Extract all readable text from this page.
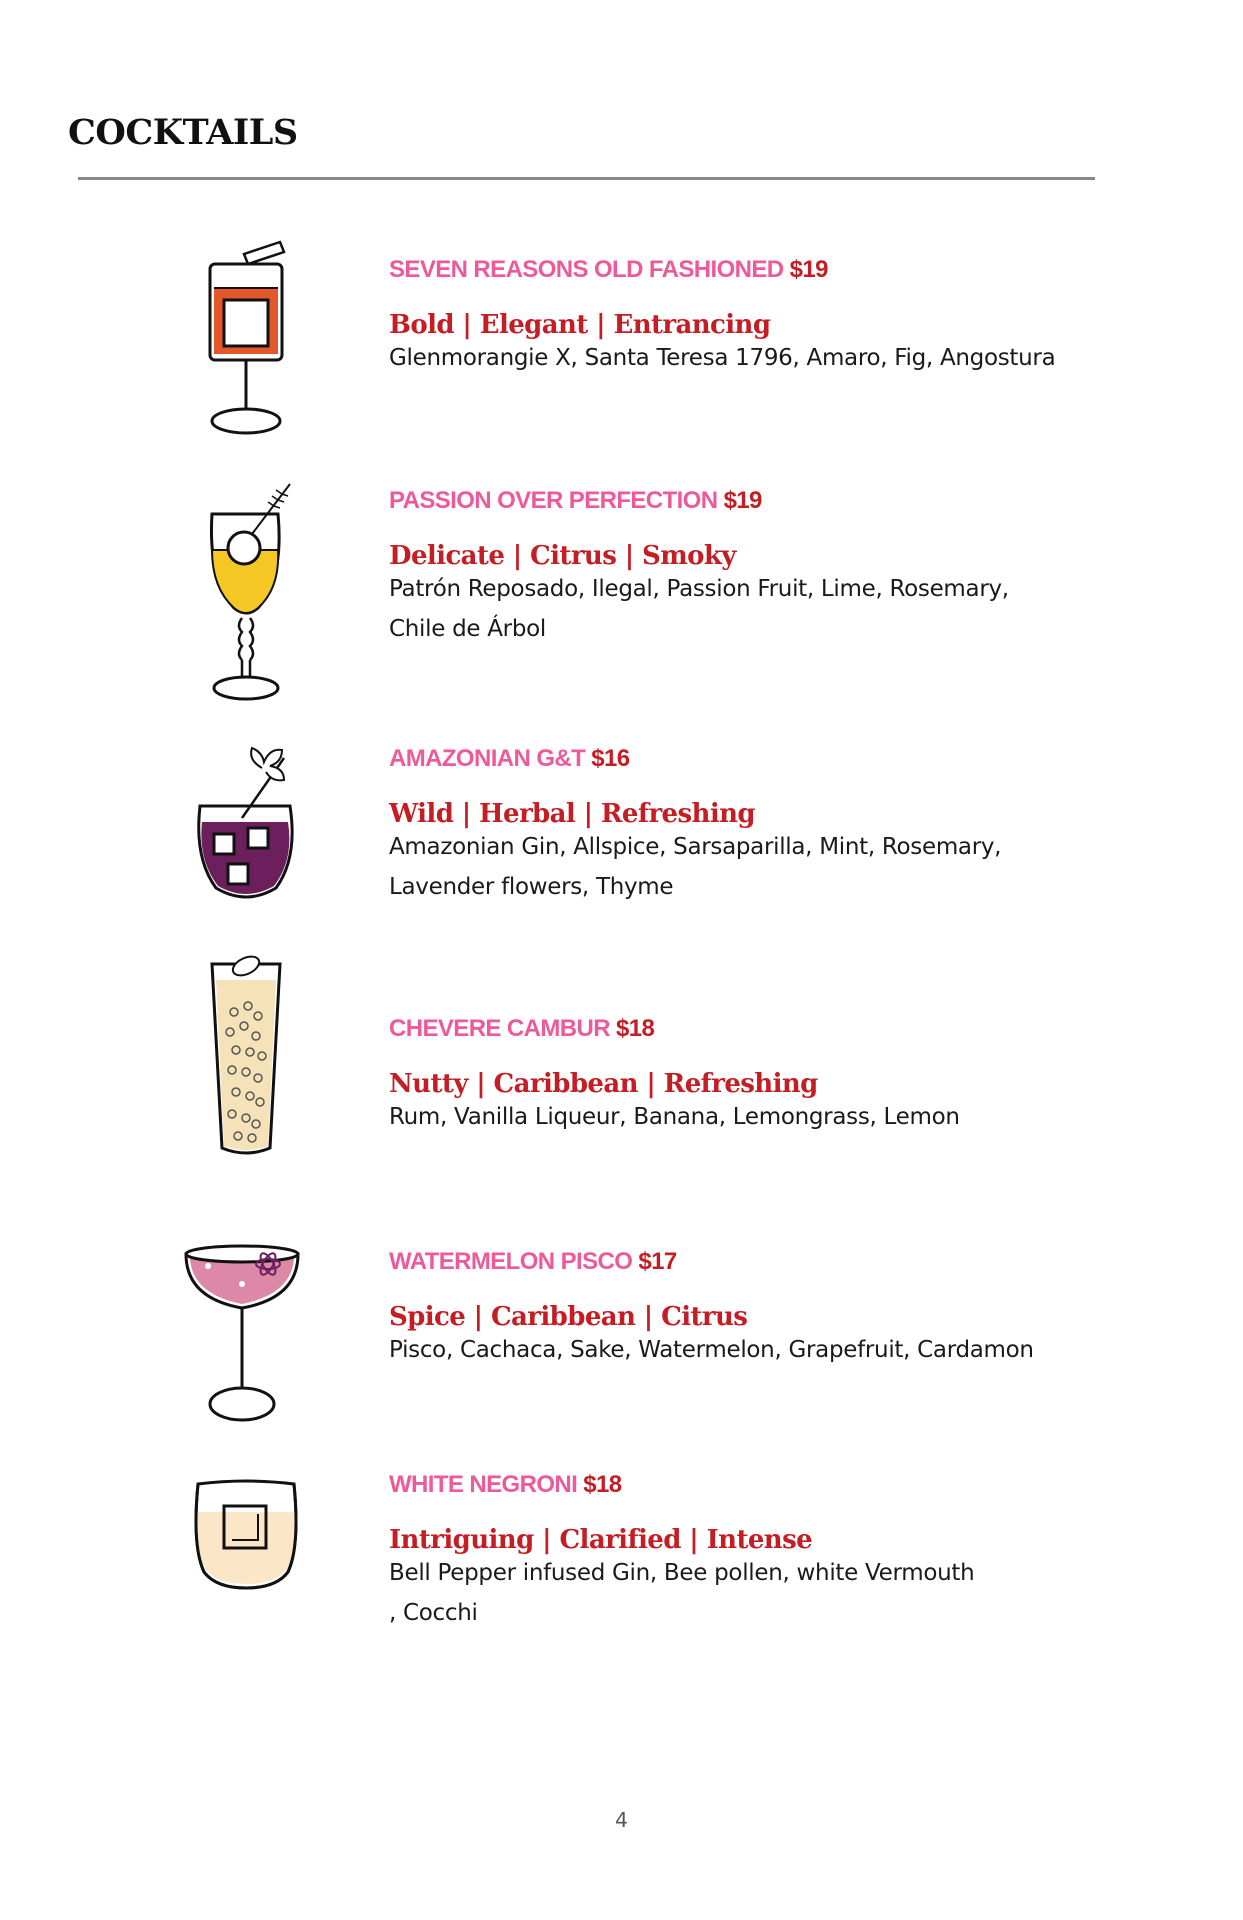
COCKTAILS
SEVEN REASONS OLD FASHIONED $19
Bold | Elegant | Entrancing
Glenmorangie X, Santa Teresa 1796, Amaro, Fig, Angostura
PASSION OVER PERFECTION $19
Delicate | Citrus | Smoky
Patrón Reposado, Ilegal, Passion Fruit, Lime, Rosemary,
Chile de Árbol
AMAZONIAN G&T $16
Wild | Herbal | Refreshing
Amazonian Gin, Allspice, Sarsaparilla, Mint, Rosemary,
Lavender flowers, Thyme
CHEVERE CAMBUR $18
Nutty | Caribbean | Refreshing
Rum, Vanilla Liqueur, Banana, Lemongrass, Lemon
WATERMELON PISCO $17
Spice | Caribbean | Citrus
Pisco, Cachaca, Sake, Watermelon, Grapefruit, Cardamon
WHITE NEGRONI $18
Intriguing | Clarified | Intense
Bell Pepper infused Gin, Bee pollen, white Vermouth
, Cocchi
4
